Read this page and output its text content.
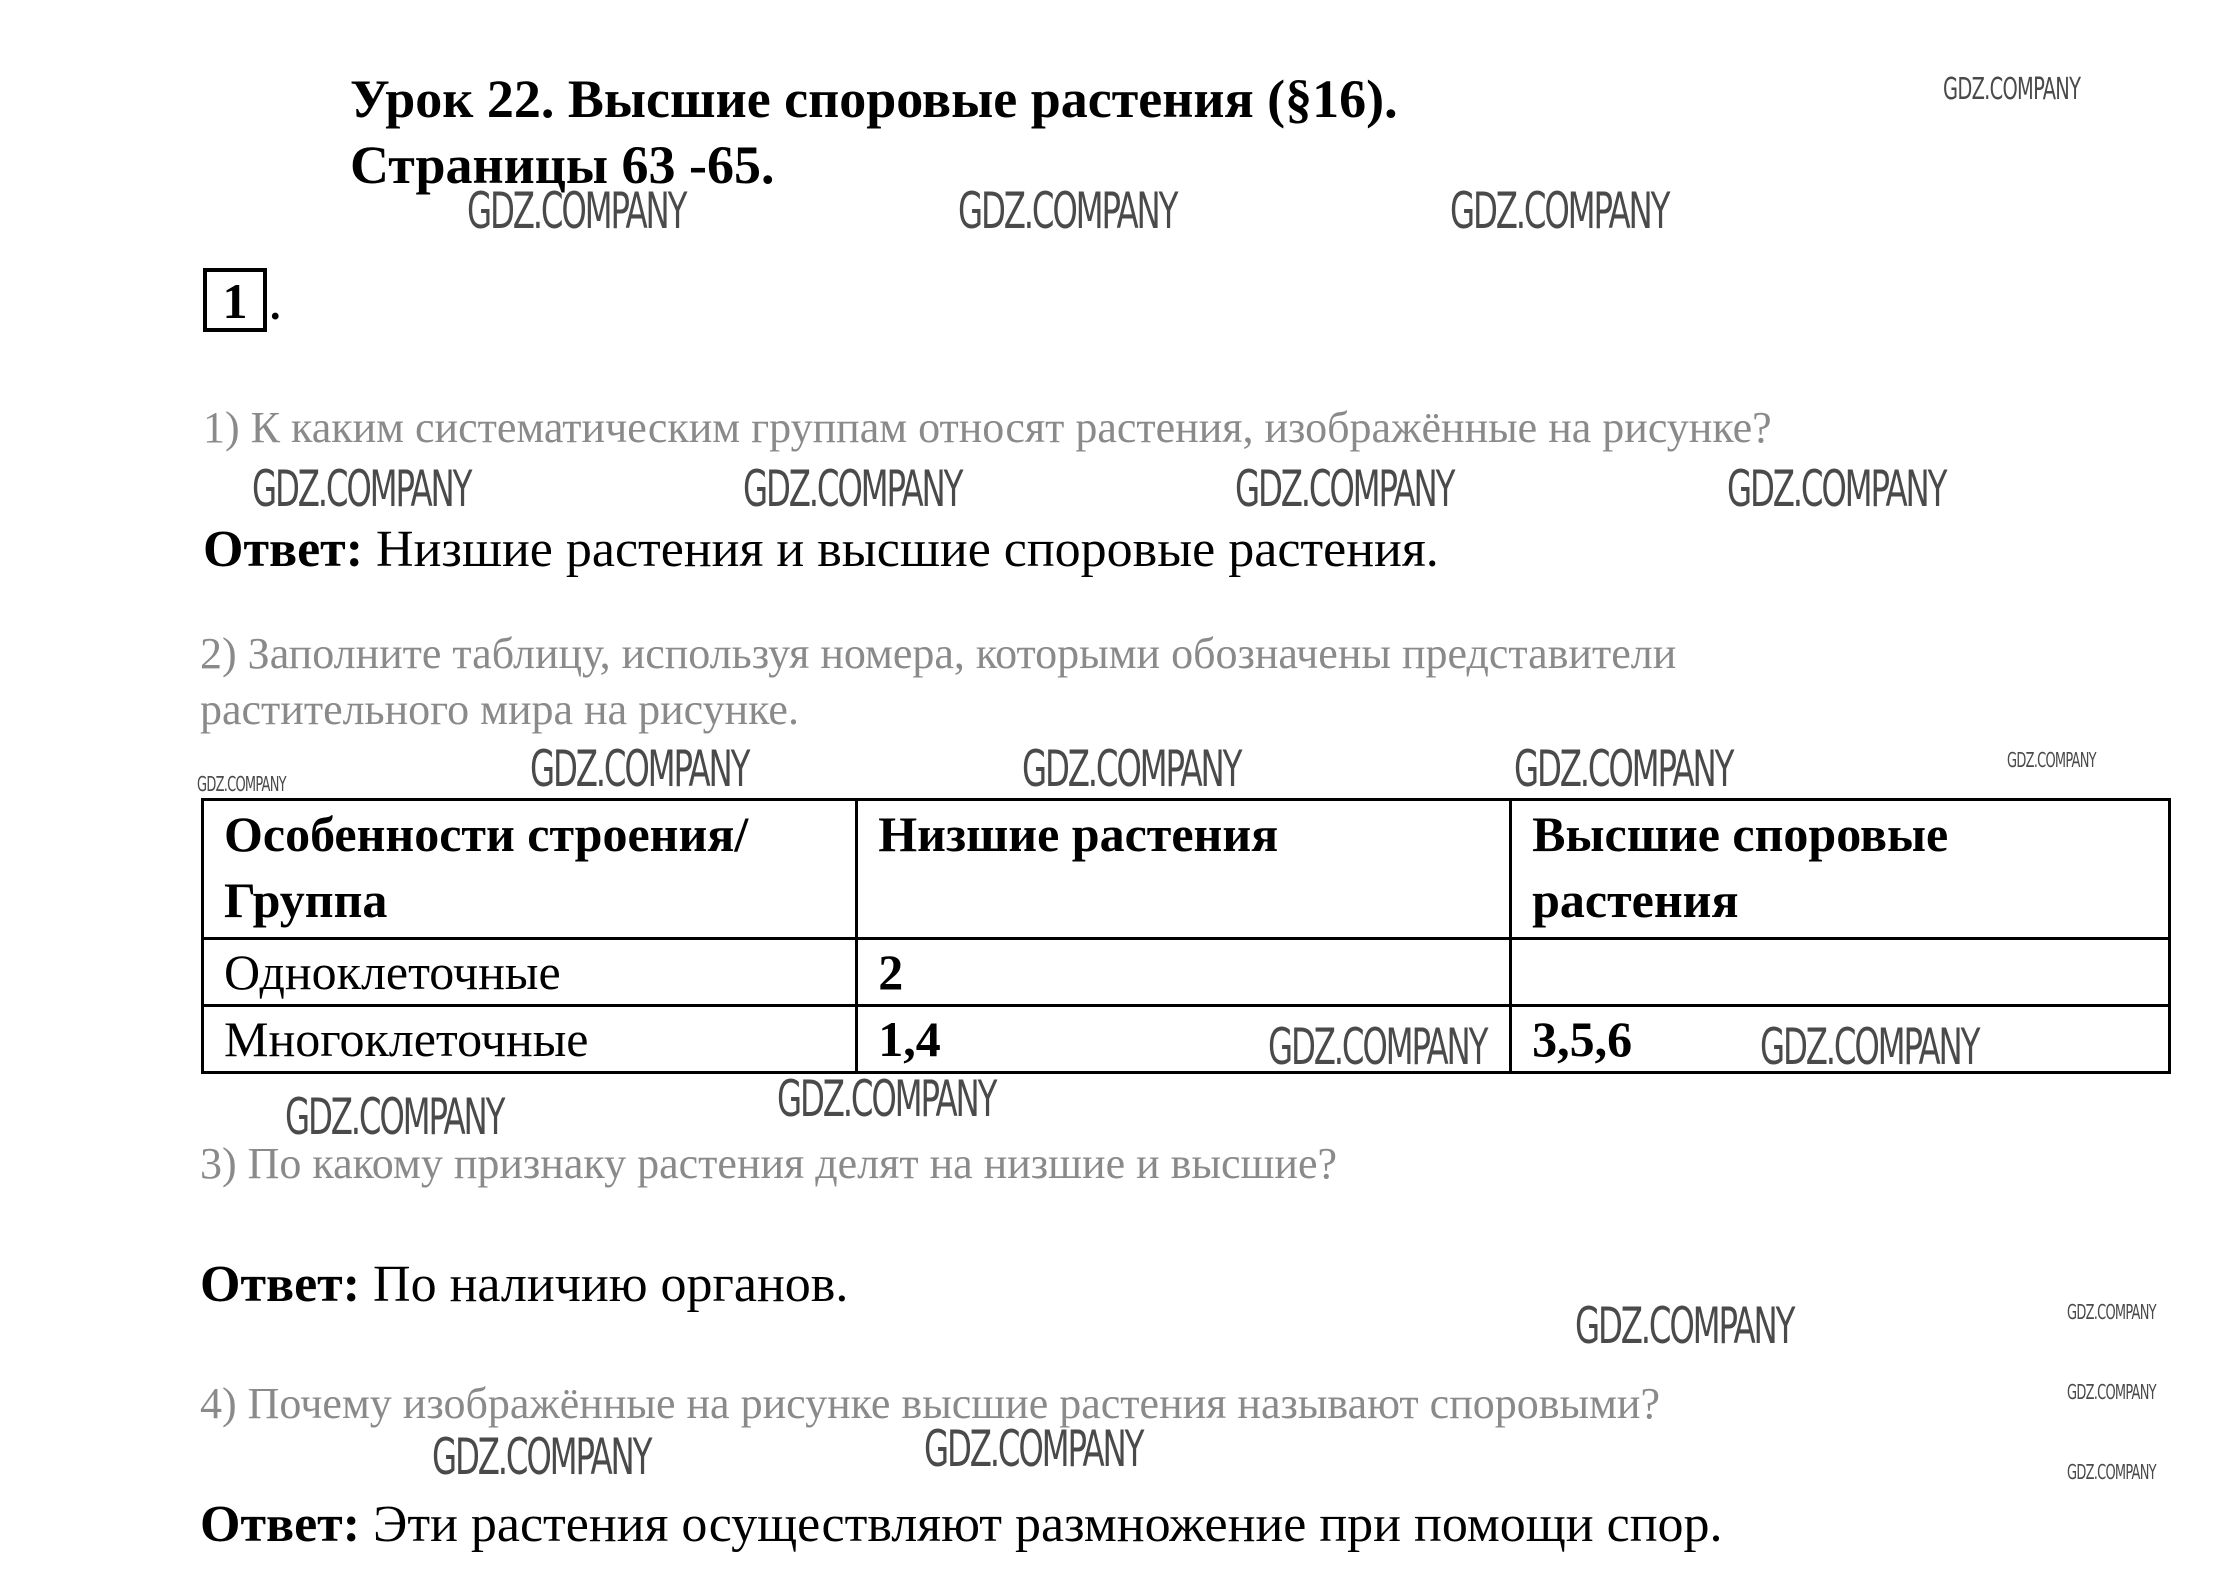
Урок 22. Высшие споровые растения (§16).
Страницы 63 -65.
1 .
1) К каким систематическим группам относят растения, изображённые на рисунке?
Ответ: Низшие растения и высшие споровые растения.
2) Заполните таблицу, используя номера, которыми обозначены представители
растительного мира на рисунке.
Особенности строения/Группа	Низшие растения	Высшие споровые растения
Одноклеточные	2	
Многоклеточные	1,4	3,5,6
3) По какому признаку растения делят на низшие и высшие?
Ответ: По наличию органов.
4) Почему изображённые на рисунке высшие растения называют споровыми?
Ответ: Эти растения осуществляют размножение при помощи спор.
GDZ.COMPANY
GDZ.COMPANY	GDZ.COMPANY	GDZ.COMPANY
GDZ.COMPANY	GDZ.COMPANY	GDZ.COMPANY	GDZ.COMPANY
GDZ.COMPANY	GDZ.COMPANY	GDZ.COMPANY	GDZ.COMPANY	GDZ.COMPANY
GDZ.COMPANY	GDZ.COMPANY
GDZ.COMPANY	GDZ.COMPANY
GDZ.COMPANY	GDZ.COMPANY
GDZ.COMPANY
GDZ.COMPANY
GDZ.COMPANY	GDZ.COMPANY
